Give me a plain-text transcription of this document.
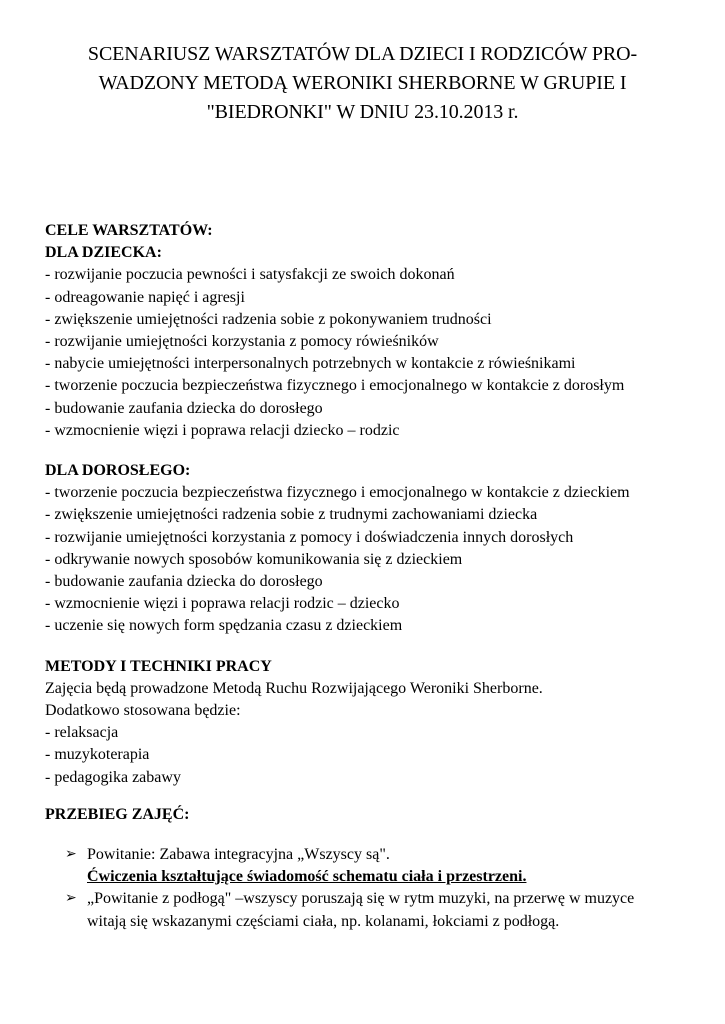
SCENARIUSZ WARSZTATÓW DLA DZIECI I RODZICÓW PRO-
WADZONY METODĄ WERONIKI SHERBORNE W GRUPIE I
"BIEDRONKI" W DNIU 23.10.2013 r.
CELE WARSZTATÓW:
DLA DZIECKA:
- rozwijanie poczucia pewności i satysfakcji ze swoich dokonań
- odreagowanie napięć i agresji
- zwiększenie umiejętności radzenia sobie z pokonywaniem trudności
- rozwijanie umiejętności korzystania z pomocy rówieśników
- nabycie umiejętności interpersonalnych potrzebnych w kontakcie z rówieśnikami
- tworzenie poczucia bezpieczeństwa fizycznego i emocjonalnego w kontakcie z dorosłym
- budowanie zaufania dziecka do dorosłego
- wzmocnienie więzi i poprawa relacji dziecko – rodzic
DLA DOROSŁEGO:
- tworzenie poczucia bezpieczeństwa fizycznego i emocjonalnego w kontakcie z dzieckiem
- zwiększenie umiejętności radzenia sobie z trudnymi zachowaniami dziecka
- rozwijanie umiejętności korzystania z pomocy i doświadczenia innych dorosłych
- odkrywanie nowych sposobów komunikowania się z dzieckiem
- budowanie zaufania dziecka do dorosłego
- wzmocnienie więzi i poprawa relacji rodzic – dziecko
- uczenie się nowych form spędzania czasu z dzieckiem
METODY I TECHNIKI PRACY
Zajęcia będą prowadzone Metodą Ruchu Rozwijającego Weroniki Sherborne.
Dodatkowo stosowana będzie:
- relaksacja
- muzykoterapia
- pedagogika zabawy
PRZEBIEG ZAJĘĆ:
➢ Powitanie: Zabawa integracyjna „Wszyscy są".
Ćwiczenia kształtujące świadomość schematu ciała i przestrzeni.
➢ „Powitanie z podłogą" –wszyscy poruszają się w rytm muzyki, na przerwę w muzyce
witają się wskazanymi częściami ciała, np. kolanami, łokciami z podłogą.
